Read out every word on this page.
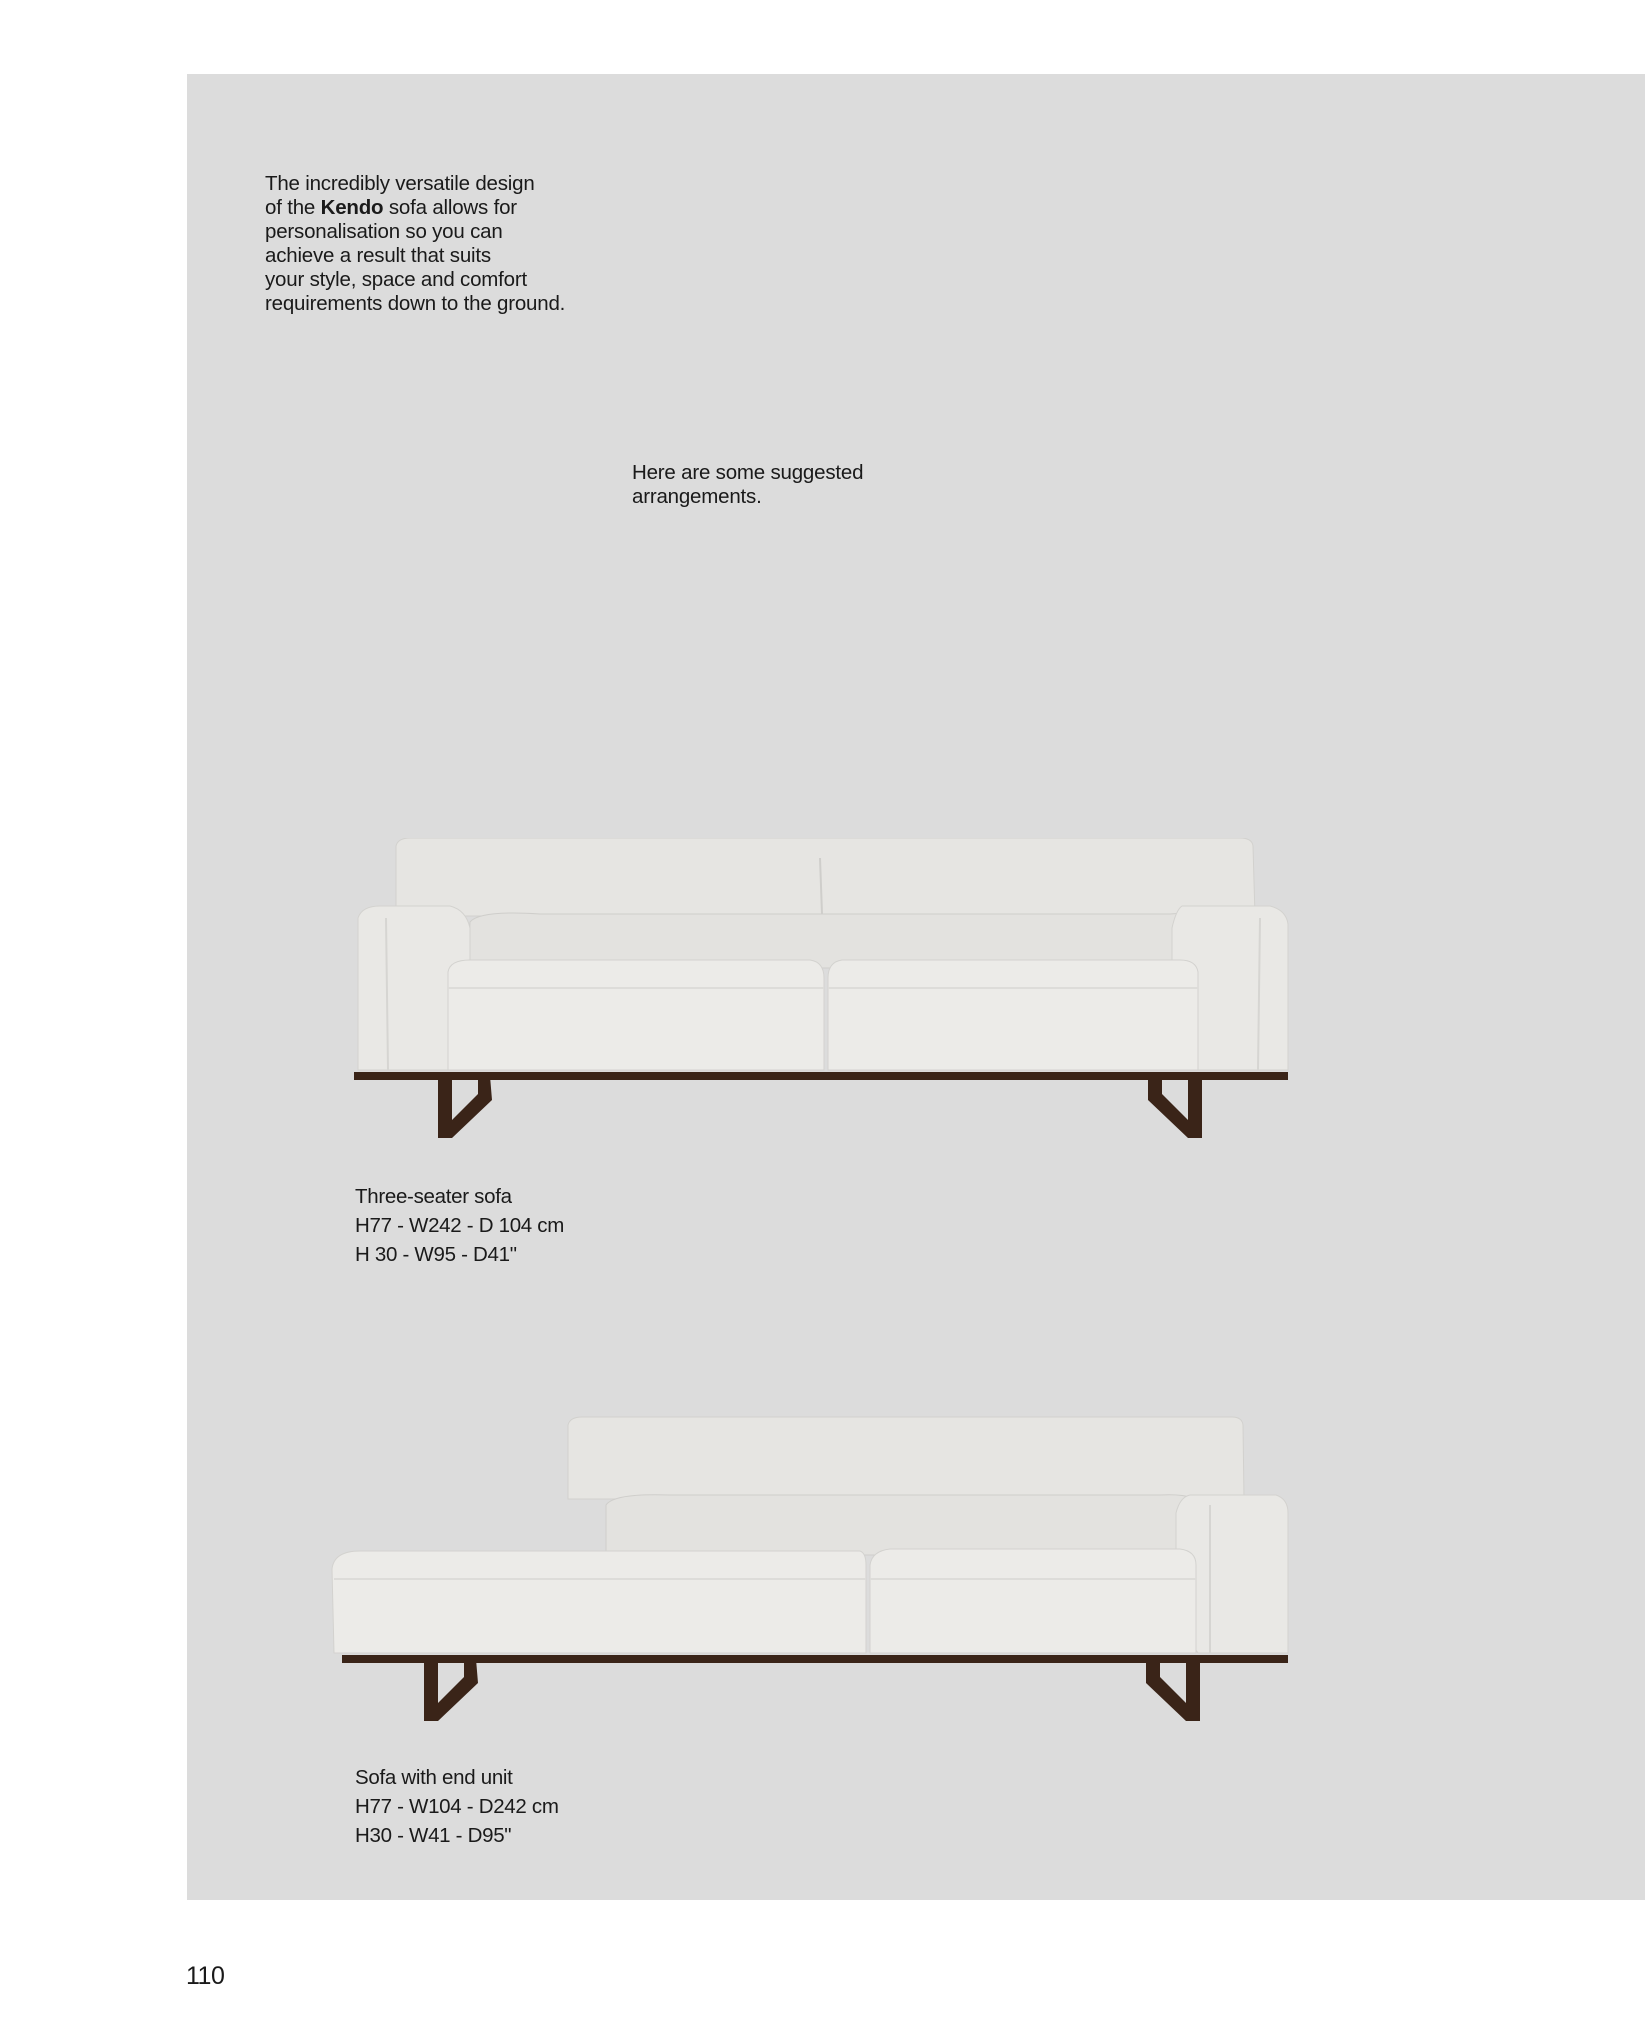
The incredibly versatile design
of the Kendo sofa allows for
personalisation so you can
achieve a result that suits
your style, space and comfort
requirements down to the ground.
Here are some suggested
arrangements.
Three-seater sofa
H77 - W242 - D 104 cm
H 30 - W95 - D41"
Sofa with end unit
H77 - W104 - D242 cm
H30 - W41 - D95"
110
